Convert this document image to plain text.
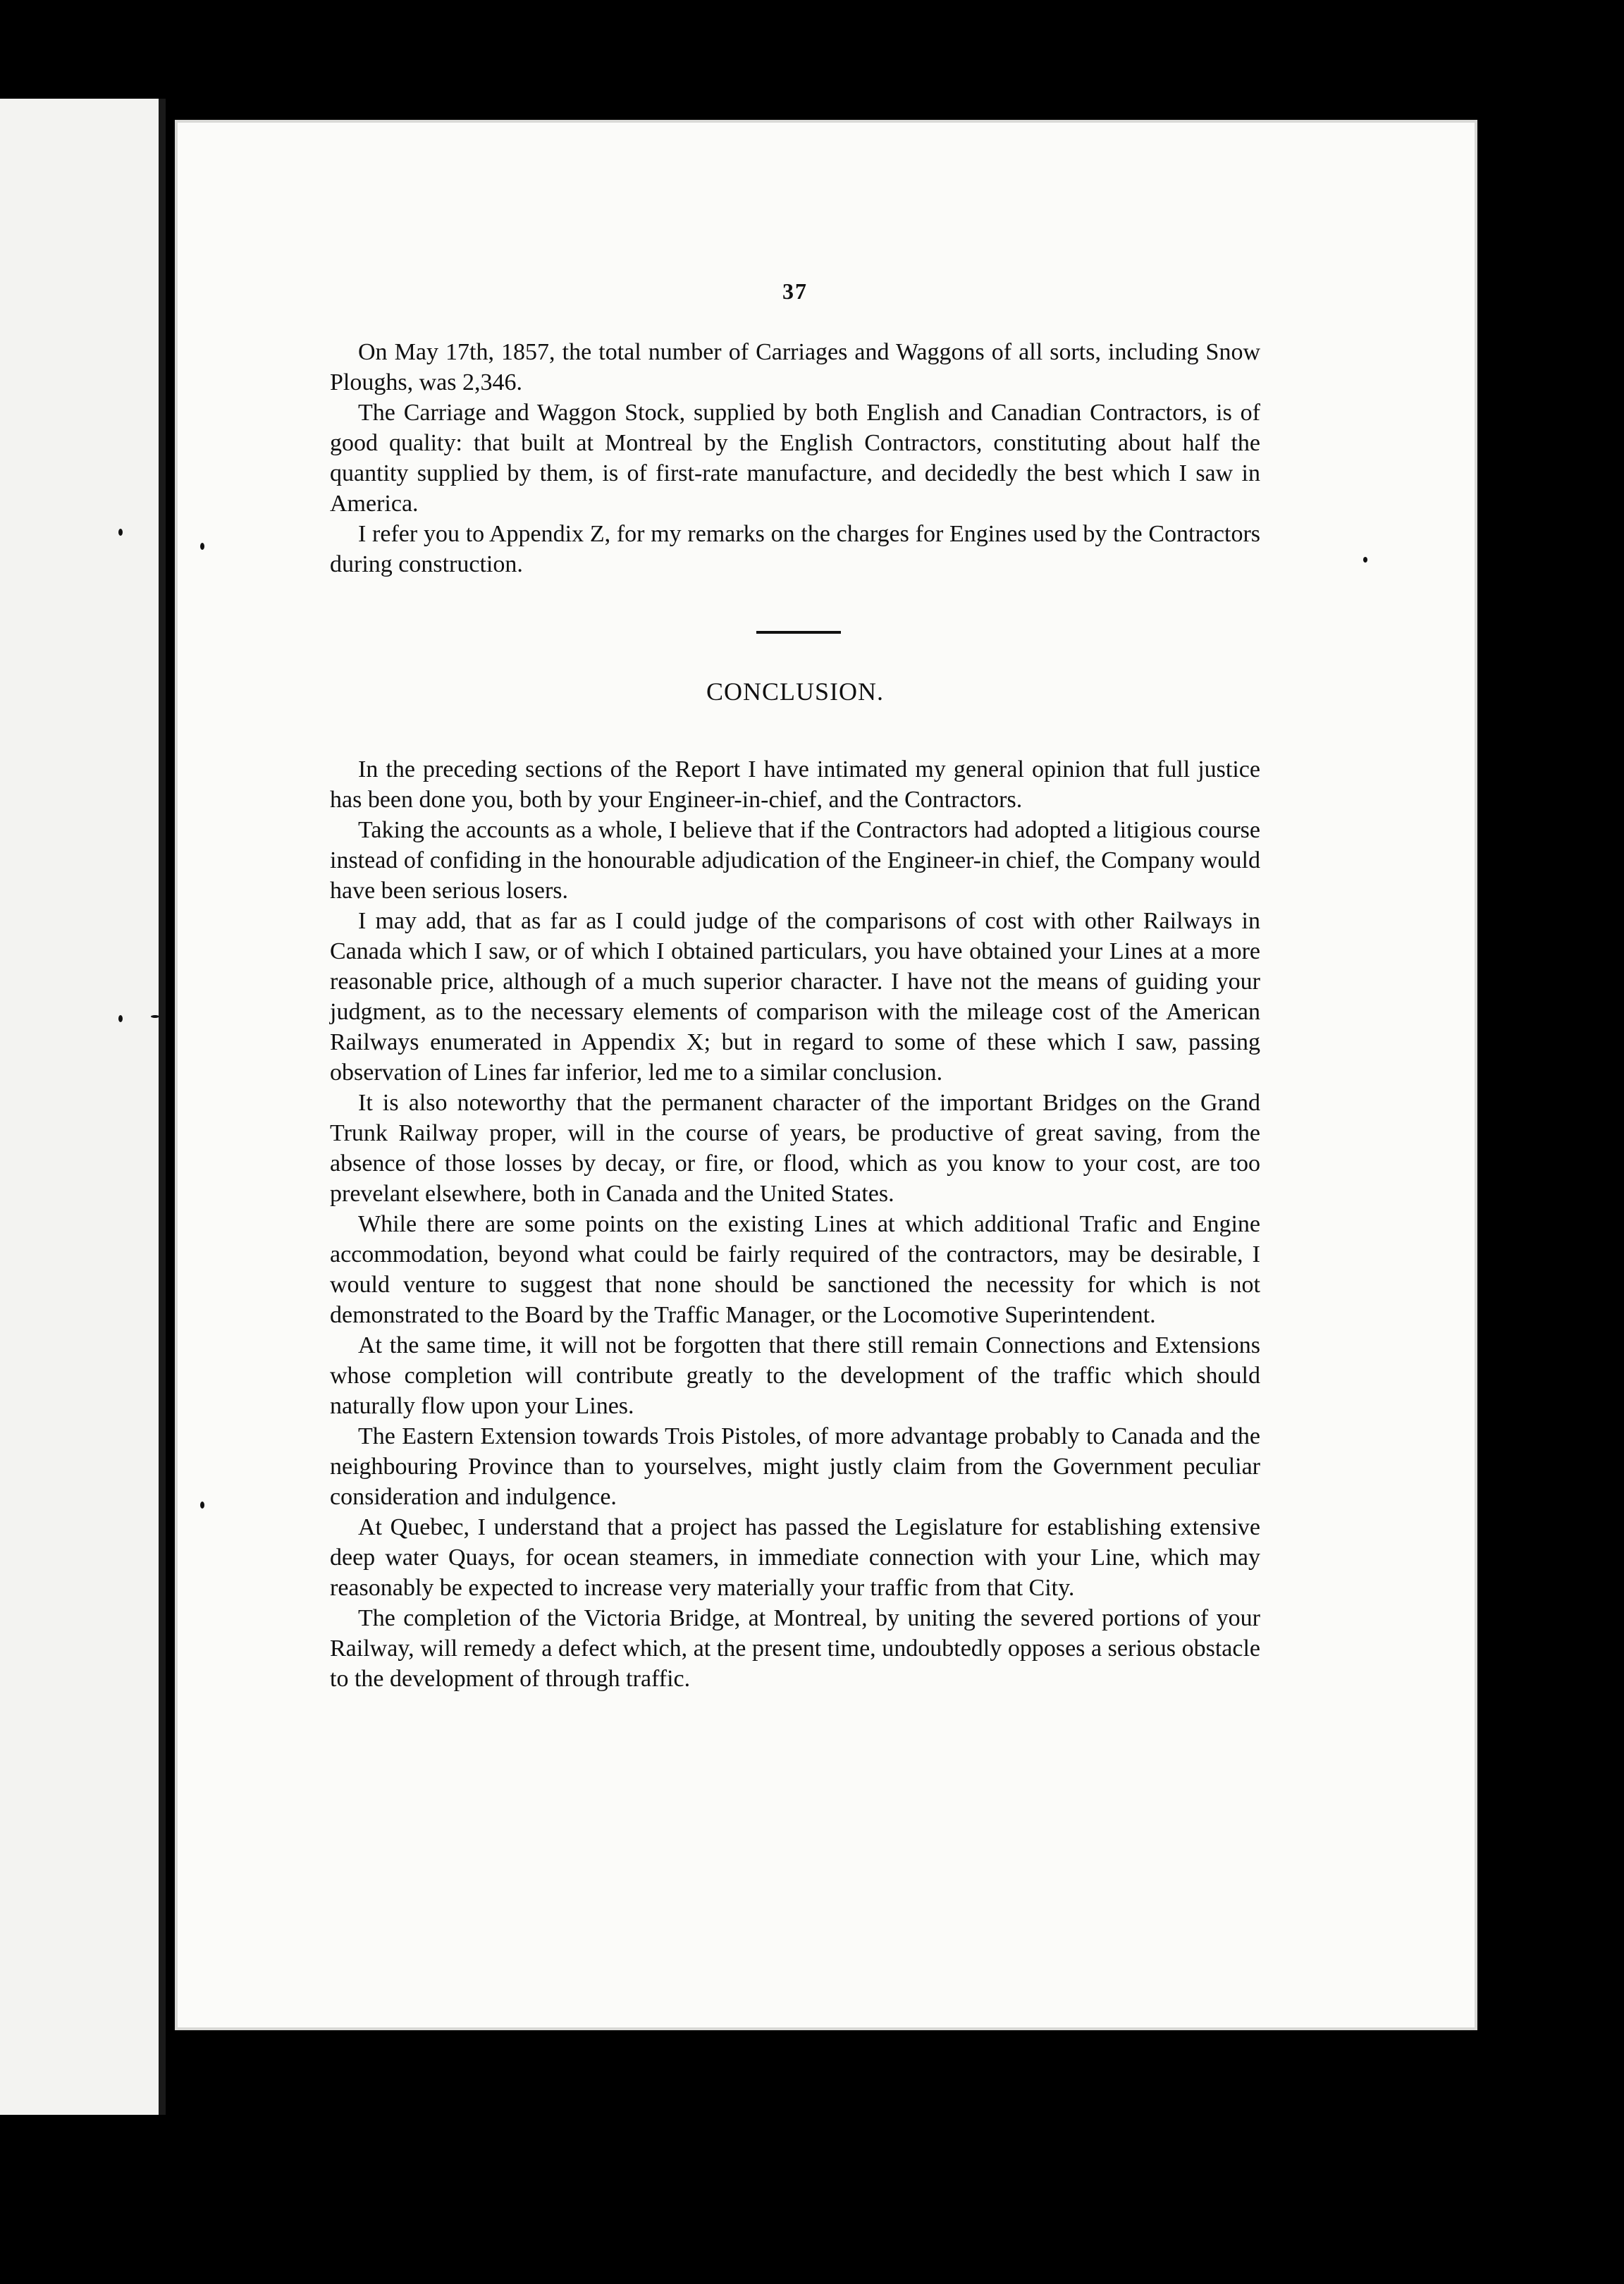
37

On May 17th, 1857, the total number of Carriages and Waggons of all sorts, including Snow Ploughs, was 2,346.

The Carriage and Waggon Stock, supplied by both English and Canadian Contractors, is of good quality: that built at Montreal by the English Contractors, constituting about half the quantity supplied by them, is of first-rate manufacture, and decidedly the best which I saw in America.

I refer you to Appendix Z, for my remarks on the charges for Engines used by the Contractors during construction.

CONCLUSION.

In the preceding sections of the Report I have intimated my general opinion that full justice has been done you, both by your Engineer-in-chief, and the Contractors.

Taking the accounts as a whole, I believe that if the Contractors had adopted a litigious course instead of confiding in the honourable adjudication of the Engineer-in chief, the Company would have been serious losers.

I may add, that as far as I could judge of the comparisons of cost with other Railways in Canada which I saw, or of which I obtained particulars, you have obtained your Lines at a more reasonable price, although of a much superior character. I have not the means of guiding your judgment, as to the necessary elements of comparison with the mileage cost of the American Railways enumerated in Appendix X; but in regard to some of these which I saw, passing observation of Lines far inferior, led me to a similar conclusion.

It is also noteworthy that the permanent character of the important Bridges on the Grand Trunk Railway proper, will in the course of years, be productive of great saving, from the absence of those losses by decay, or fire, or flood, which as you know to your cost, are too prevelant elsewhere, both in Canada and the United States.

While there are some points on the existing Lines at which additional Trafic and Engine accommodation, beyond what could be fairly required of the contractors, may be desirable, I would venture to suggest that none should be sanctioned the necessity for which is not demonstrated to the Board by the Traffic Manager, or the Locomotive Superintendent.

At the same time, it will not be forgotten that there still remain Connections and Extensions whose completion will contribute greatly to the development of the traffic which should naturally flow upon your Lines.

The Eastern Extension towards Trois Pistoles, of more advantage probably to Canada and the neighbouring Province than to yourselves, might justly claim from the Government peculiar consideration and indulgence.

At Quebec, I understand that a project has passed the Legislature for establishing extensive deep water Quays, for ocean steamers, in immediate connection with your Line, which may reasonably be expected to increase very materially your traffic from that City.

The completion of the Victoria Bridge, at Montreal, by uniting the severed portions of your Railway, will remedy a defect which, at the present time, undoubtedly opposes a serious obstacle to the development of through traffic.
